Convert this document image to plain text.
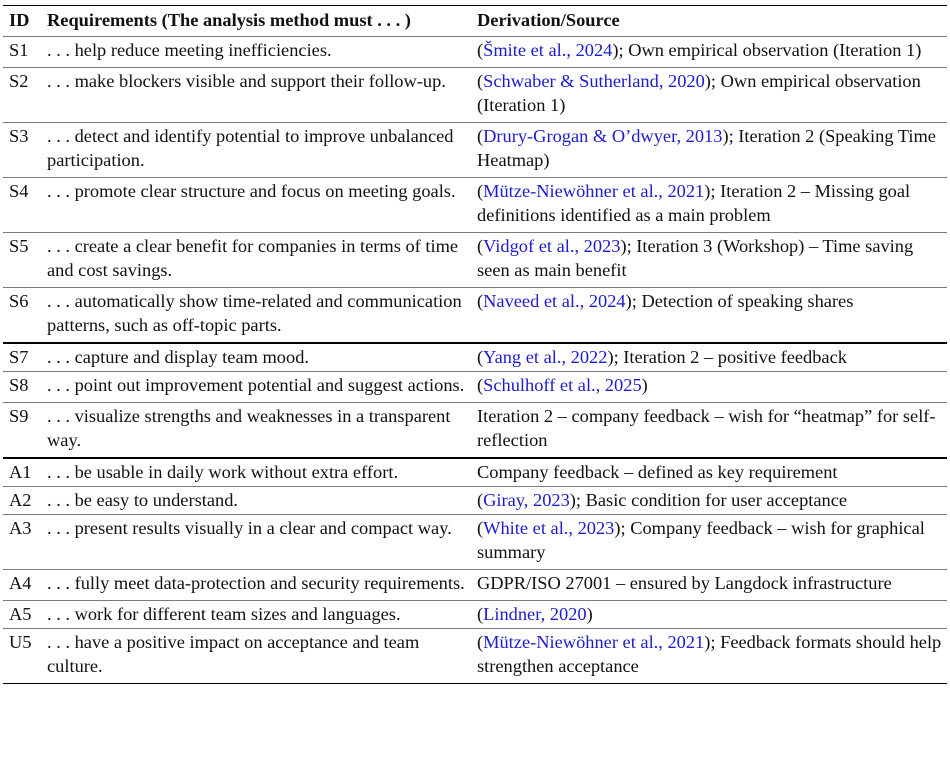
ID	Requirements (The analysis method must . . . )	Derivation/Source
S1	. . . help reduce meeting inefficiencies.	(Šmite et al., 2024); Own empirical observation (Iteration 1)
S2	. . . make blockers visible and support their follow-up.	(Schwaber & Sutherland, 2020); Own empirical observation (Iteration 1)
S3	. . . detect and identify potential to improve unbalanced participation.	(Drury-Grogan & O’dwyer, 2013); Iteration 2 (Speaking Time Heatmap)
S4	. . . promote clear structure and focus on meeting goals.	(Mütze-Niewöhner et al., 2021); Iteration 2 – Missing goal definitions identified as a main problem
S5	. . . create a clear benefit for companies in terms of time and cost savings.	(Vidgof et al., 2023); Iteration 3 (Workshop) – Time saving seen as main benefit
S6	. . . automatically show time-related and communication patterns, such as off-topic parts.	(Naveed et al., 2024); Detection of speaking shares
S7	. . . capture and display team mood.	(Yang et al., 2022); Iteration 2 – positive feedback
S8	. . . point out improvement potential and suggest actions.	(Schulhoff et al., 2025)
S9	. . . visualize strengths and weaknesses in a transparent way.	Iteration 2 – company feedback – wish for “heatmap” for self-reflection
A1	. . . be usable in daily work without extra effort.	Company feedback – defined as key requirement
A2	. . . be easy to understand.	(Giray, 2023); Basic condition for user acceptance
A3	. . . present results visually in a clear and compact way.	(White et al., 2023); Company feedback – wish for graphical summary
A4	. . . fully meet data-protection and security requirements.	GDPR/ISO 27001 – ensured by Langdock infrastructure
A5	. . . work for different team sizes and languages.	(Lindner, 2020)
U5	. . . have a positive impact on acceptance and team culture.	(Mütze-Niewöhner et al., 2021); Feedback formats should help strengthen acceptance
